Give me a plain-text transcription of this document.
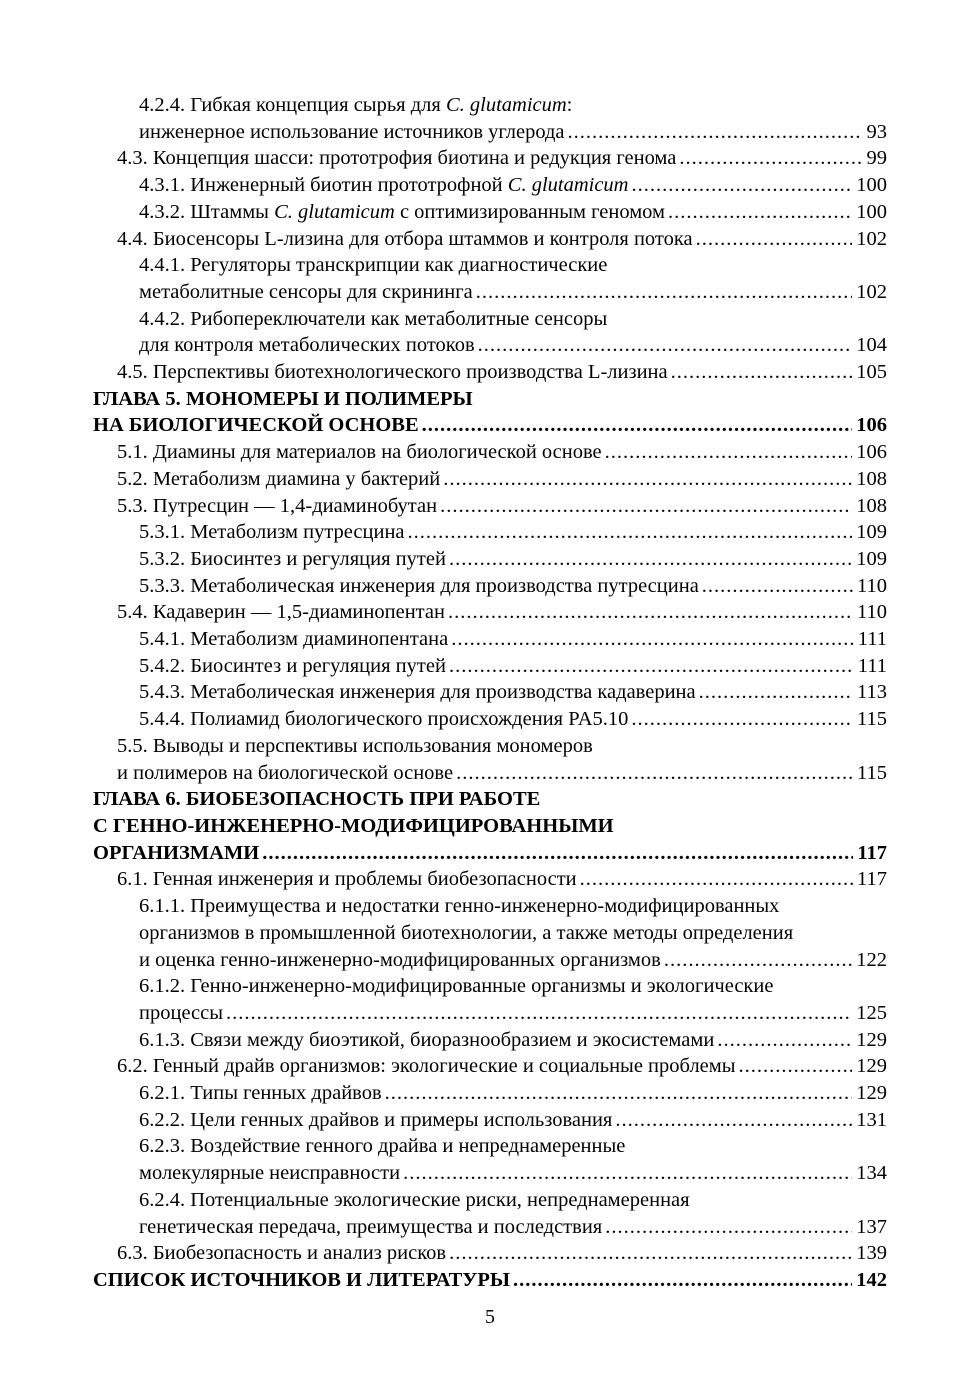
4.2.4. Гибкая концепция сырья для C. glutamicum:
инженерное использование источников углерода .....	93
4.3. Концепция шасси: прототрофия биотина и редукция генома .....	99
4.3.1. Инженерный биотин прототрофной C. glutamicum .....	100
4.3.2. Штаммы C. glutamicum с оптимизированным геномом .....	100
4.4. Биосенсоры L-лизина для отбора штаммов и контроля потока .....	102
4.4.1. Регуляторы транскрипции как диагностические
метаболитные сенсоры для скрининга .....	102
4.4.2. Рибопереключатели как метаболитные сенсоры
для контроля метаболических потоков .....	104
4.5. Перспективы биотехнологического производства L-лизина .....	105
ГЛАВА 5. МОНОМЕРЫ И ПОЛИМЕРЫ
НА БИОЛОГИЧЕСКОЙ ОСНОВЕ .....	106
5.1. Диамины для материалов на биологической основе .....	106
5.2. Метаболизм диамина у бактерий .....	108
5.3. Путресцин — 1,4-диаминобутан .....	108
5.3.1. Метаболизм путресцина .....	109
5.3.2. Биосинтез и регуляция путей .....	109
5.3.3. Метаболическая инженерия для производства путресцина .....	110
5.4. Кадаверин — 1,5-диаминопентан .....	110
5.4.1. Метаболизм диаминопентана .....	111
5.4.2. Биосинтез и регуляция путей .....	111
5.4.3. Метаболическая инженерия для производства кадаверина .....	113
5.4.4. Полиамид биологического происхождения PA5.10 .....	115
5.5. Выводы и перспективы использования мономеров
и полимеров на биологической основе .....	115
ГЛАВА 6. БИОБЕЗОПАСНОСТЬ ПРИ РАБОТЕ
С ГЕННО-ИНЖЕНЕРНО-МОДИФИЦИРОВАННЫМИ
ОРГАНИЗМАМИ .....	117
6.1. Генная инженерия и проблемы биобезопасности .....	117
6.1.1. Преимущества и недостатки генно-инженерно-модифицированных
организмов в промышленной биотехнологии, а также методы определения
и оценка генно-инженерно-модифицированных организмов .....	122
6.1.2. Генно-инженерно-модифицированные организмы и экологические
процессы .....	125
6.1.3. Связи между биоэтикой, биоразнообразием и экосистемами .....	129
6.2. Генный драйв организмов: экологические и социальные проблемы .....	129
6.2.1. Типы генных драйвов .....	129
6.2.2. Цели генных драйвов и примеры использования .....	131
6.2.3. Воздействие генного драйва и непреднамеренные
молекулярные неисправности .....	134
6.2.4. Потенциальные экологические риски, непреднамеренная
генетическая передача, преимущества и последствия .....	137
6.3. Биобезопасность и анализ рисков .....	139
СПИСОК ИСТОЧНИКОВ И ЛИТЕРАТУРЫ .....	142
5
